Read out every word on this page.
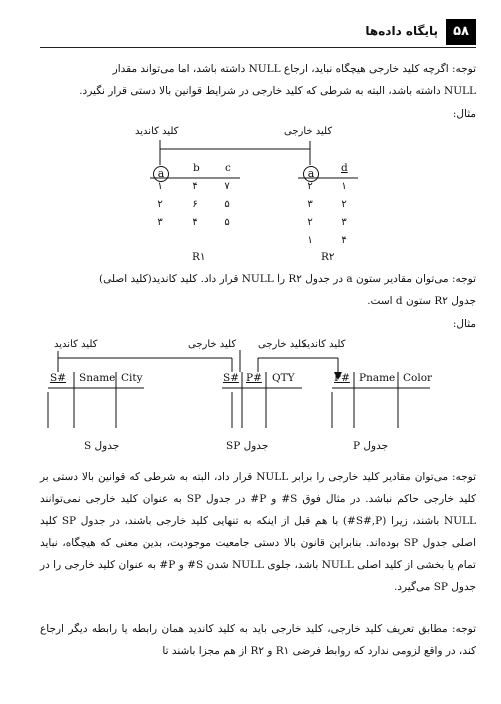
۵۸
پایگاه داده‌ها
توجه: اگرچه کلید خارجی هیچگاه نباید، ارجاع NULL داشته باشد، اما می‌تواند مقدار
NULL داشته باشد، البته به شرطی که کلید خارجی در شرایط قوانین بالا دستی قرار نگیرد.
مثال:
کلید کاندید	کلید خارجی
a	b c
۱	۴	۷
۲	۶	۵
۳	۴	۵
R۱
a	d
۲	۱
۳	۲
۲	۳
۱	۴
R۲
توجه: می‌توان مقادیر ستون a در جدول R۲ را NULL قرار داد. کلید کاندید(کلید اصلی)
جدول R۲ ستون d است.
مثال:
کلید کاندید	کلید خارجی کلید خارجی
کلید کاندید
S# Sname City	S# P# QTY	P# Pname Color
جدول S	جدول SP	جدول P
توجه: می‌توان مقادیر کلید خارجی را برابر NULL قرار داد، البته به شرطی که قوانین بالا دستی بر کلید خارجی حاکم نباشد. در مثال فوق S# و P# در جدول SP به عنوان کلید خارجی نمی‌توانند NULL باشند، زیرا (S#,P#) با هم قبل از اینکه به تنهایی کلید خارجی باشند، در جدول SP کلید اصلی جدول SP بوده‌اند. بنابراین قانون بالا دستی جامعیت موجودیت، بدین معنی که هیچگاه، نباید تمام یا بخشی از کلید اصلی NULL باشد، جلوی NULL شدن S# و P# به عنوان کلید خارجی را در جدول SP می‌گیرد.
توجه: مطابق تعریف کلید خارجی، کلید خارجی باید به کلید کاندید همان رابطه یا رابطه دیگر ارجاع کند، در واقع لزومی ندارد که روابط فرضی R۱ و R۲ از هم مجزا باشند تا
